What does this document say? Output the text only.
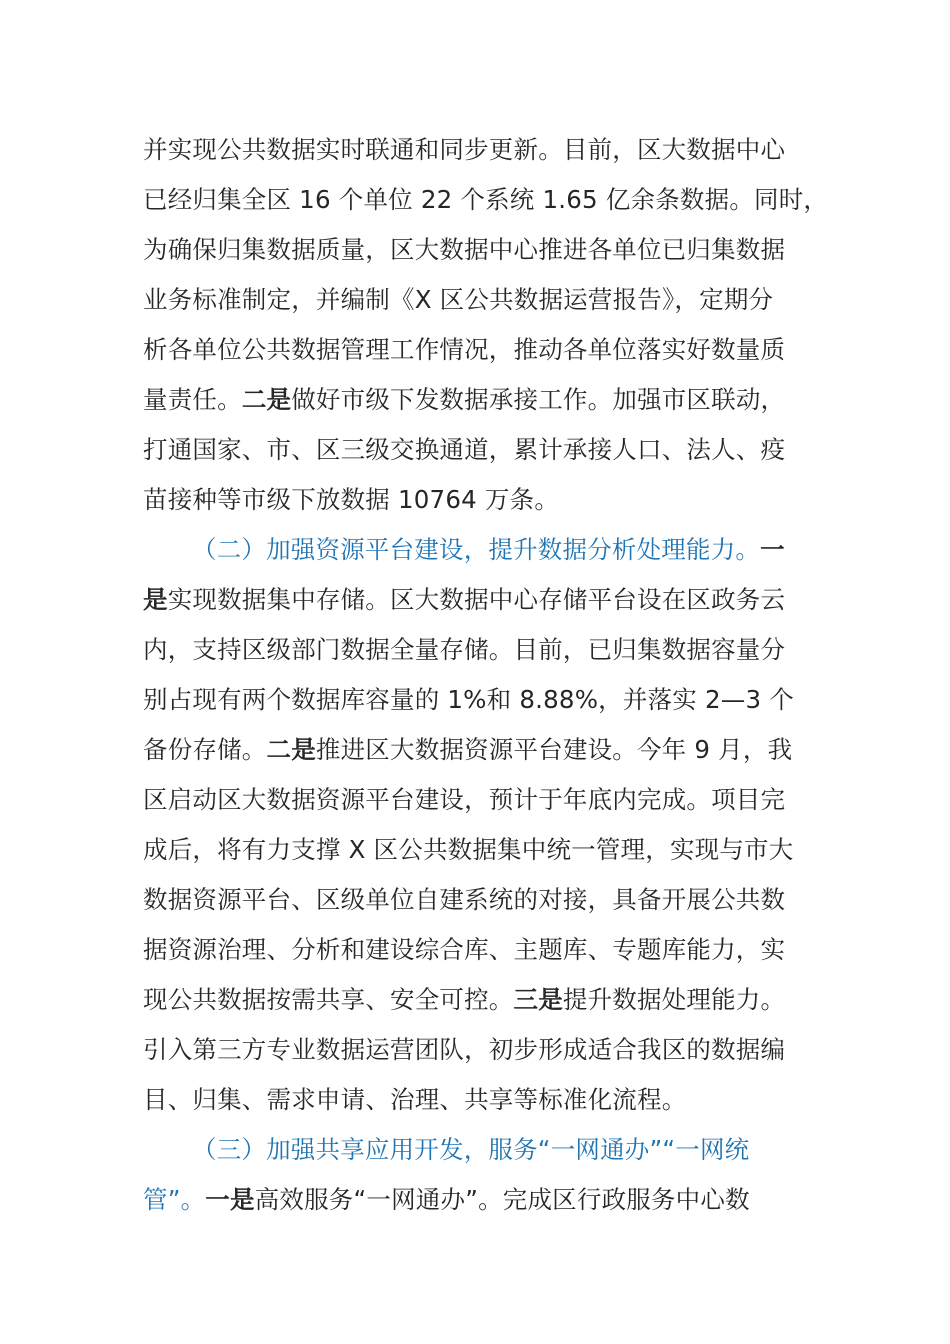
并实现公共数据实时联通和同步更新。目前，区大数据中心
已经归集全区 16 个单位 22 个系统 1.65 亿余条数据。同时，
为确保归集数据质量，区大数据中心推进各单位已归集数据
业务标准制定，并编制《X 区公共数据运营报告》，定期分
析各单位公共数据管理工作情况，推动各单位落实好数量质
量责任。二是做好市级下发数据承接工作。加强市区联动，
打通国家、市、区三级交换通道，累计承接人口、法人、疫
苗接种等市级下放数据 10764 万条。
（二）加强资源平台建设，提升数据分析处理能力。一
是实现数据集中存储。区大数据中心存储平台设在区政务云
内，支持区级部门数据全量存储。目前，已归集数据容量分
别占现有两个数据库容量的 1%和 8.88%，并落实 2—3 个
备份存储。二是推进区大数据资源平台建设。今年 9 月，我
区启动区大数据资源平台建设，预计于年底内完成。项目完
成后，将有力支撑 X 区公共数据集中统一管理，实现与市大
数据资源平台、区级单位自建系统的对接，具备开展公共数
据资源治理、分析和建设综合库、主题库、专题库能力，实
现公共数据按需共享、安全可控。三是提升数据处理能力。
引入第三方专业数据运营团队，初步形成适合我区的数据编
目、归集、需求申请、治理、共享等标准化流程。
（三）加强共享应用开发，服务“一网通办”“一网统
管”。一是高效服务“一网通办”。完成区行政服务中心数
